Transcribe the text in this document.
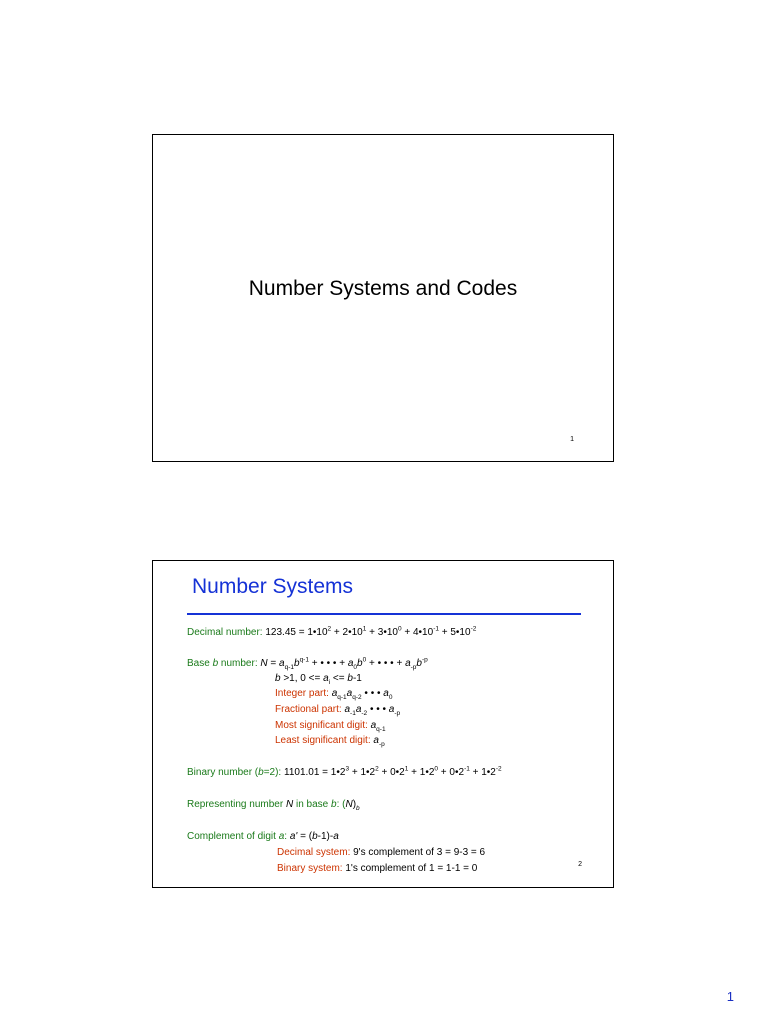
Number Systems and Codes
1
Number Systems
Decimal number: $123.45 = 1•10^2$ + $2•10^1$ + $3•10^0$ + $4•10^{-1}$ + $5•10^{-2}$
Base b number: $N = a_{q-1}b^{q-1}$ + • • • + $a_0b^0$ + • • • + $a_{-p}b^{-p}$
b >1, $0 <= a_i <= b-1$
Integer part: $a_{q-1}a_{q-2}$ • • • $a_0$
Fractional part: $a_{-1}a_{-2}$ • • • $a_{-p}$
Most significant digit: $a_{q-1}$
Least significant digit: $a_{-p}$
Binary number (b=2): $1101.01 = 1•2^3$ + $1•2^2$ + $0•2^1$ + $1•2^0$ + $0•2^{-1}$ + $1•2^{-2}$
Representing number N in base b: $(N)_b$
Complement of digit a: a' = (b-1)-a
Decimal system: 9's complement of 3 = 9-3 = 6
Binary system: 1's complement of 1 = 1-1 = 0	2
1
